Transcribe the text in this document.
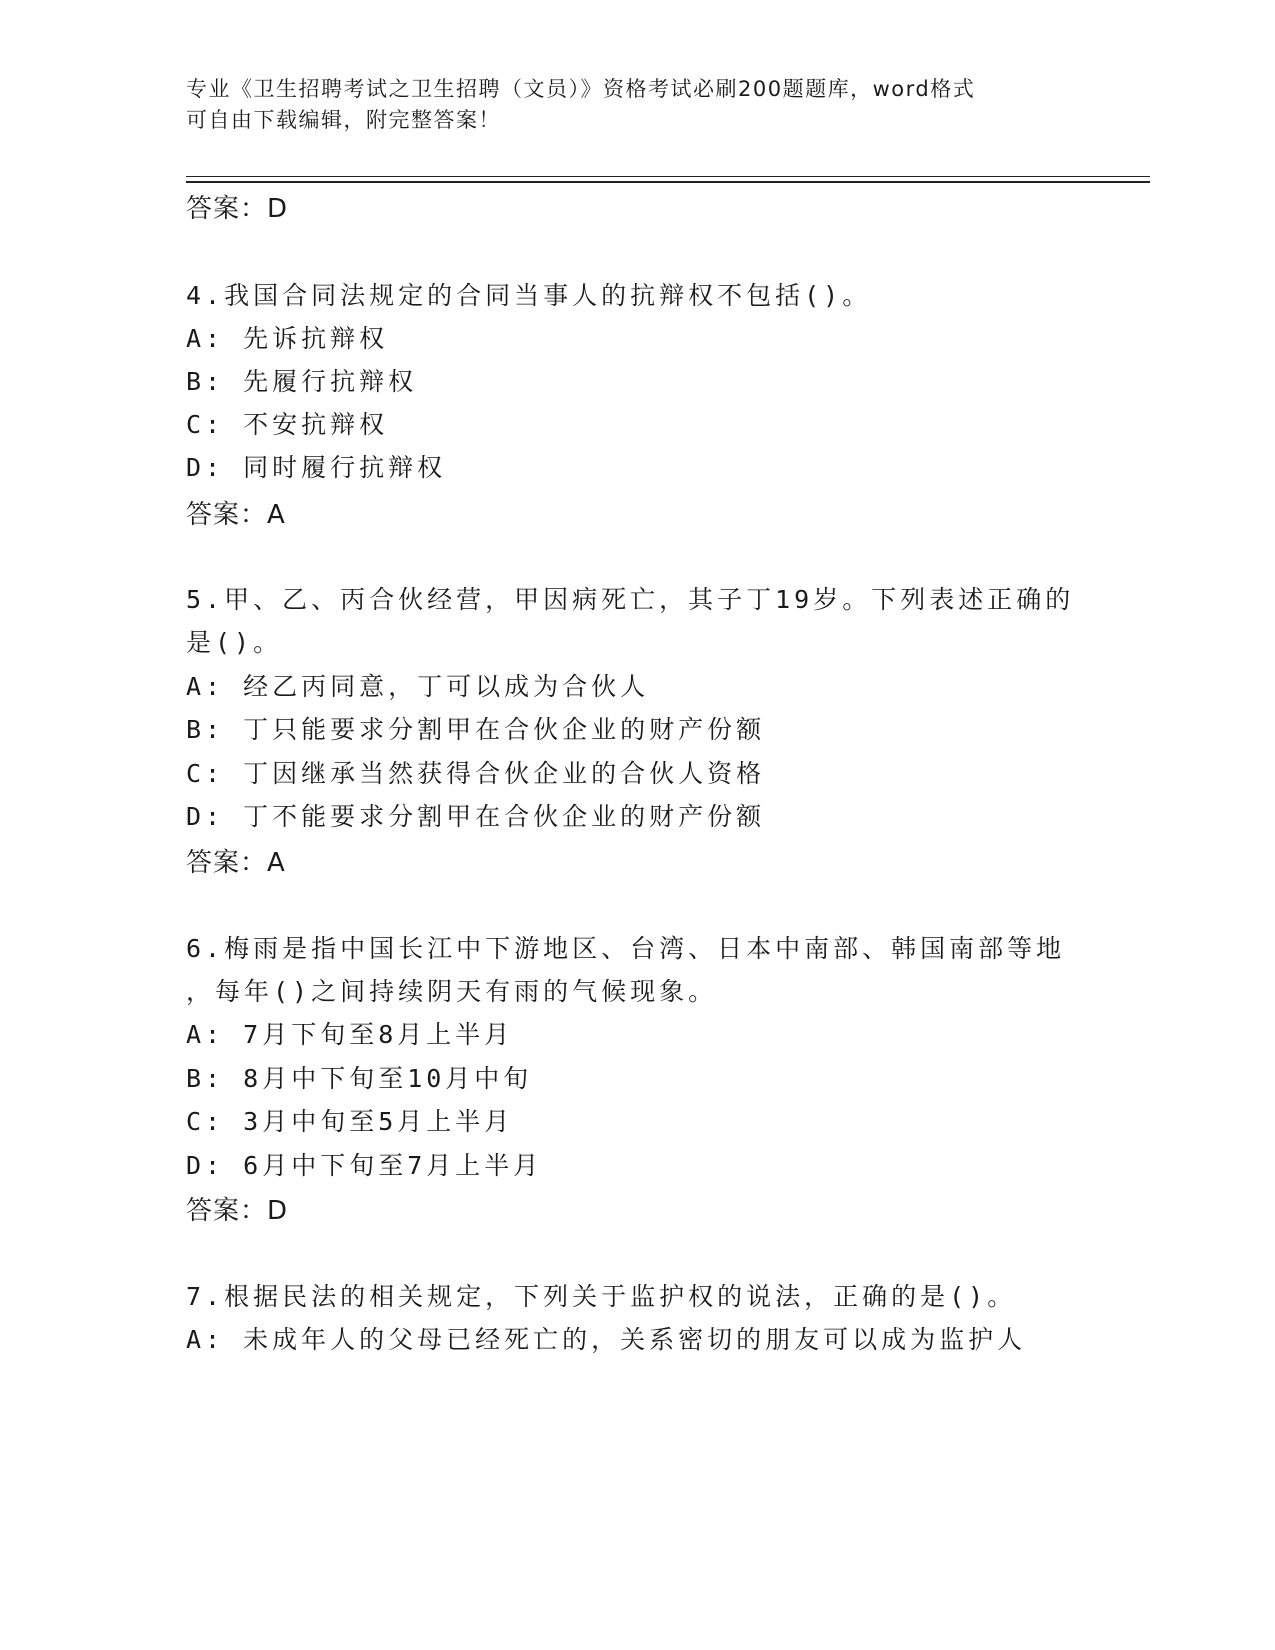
专业《卫生招聘考试之卫生招聘（文员）》资格考试必刷200题题库，word格式
可自由下载编辑，附完整答案！
答案：D
4.我国合同法规定的合同当事人的抗辩权不包括()。
A: 先诉抗辩权
B: 先履行抗辩权
C: 不安抗辩权
D: 同时履行抗辩权
答案：A
5.甲、乙、丙合伙经营，甲因病死亡，其子丁19岁。下列表述正确的
是()。
A: 经乙丙同意，丁可以成为合伙人
B: 丁只能要求分割甲在合伙企业的财产份额
C: 丁因继承当然获得合伙企业的合伙人资格
D: 丁不能要求分割甲在合伙企业的财产份额
答案：A
6.梅雨是指中国长江中下游地区、台湾、日本中南部、韩国南部等地
，每年()之间持续阴天有雨的气候现象。
A: 7月下旬至8月上半月
B: 8月中下旬至10月中旬
C: 3月中旬至5月上半月
D: 6月中下旬至7月上半月
答案：D
7.根据民法的相关规定，下列关于监护权的说法，正确的是()。
A: 未成年人的父母已经死亡的，关系密切的朋友可以成为监护人
